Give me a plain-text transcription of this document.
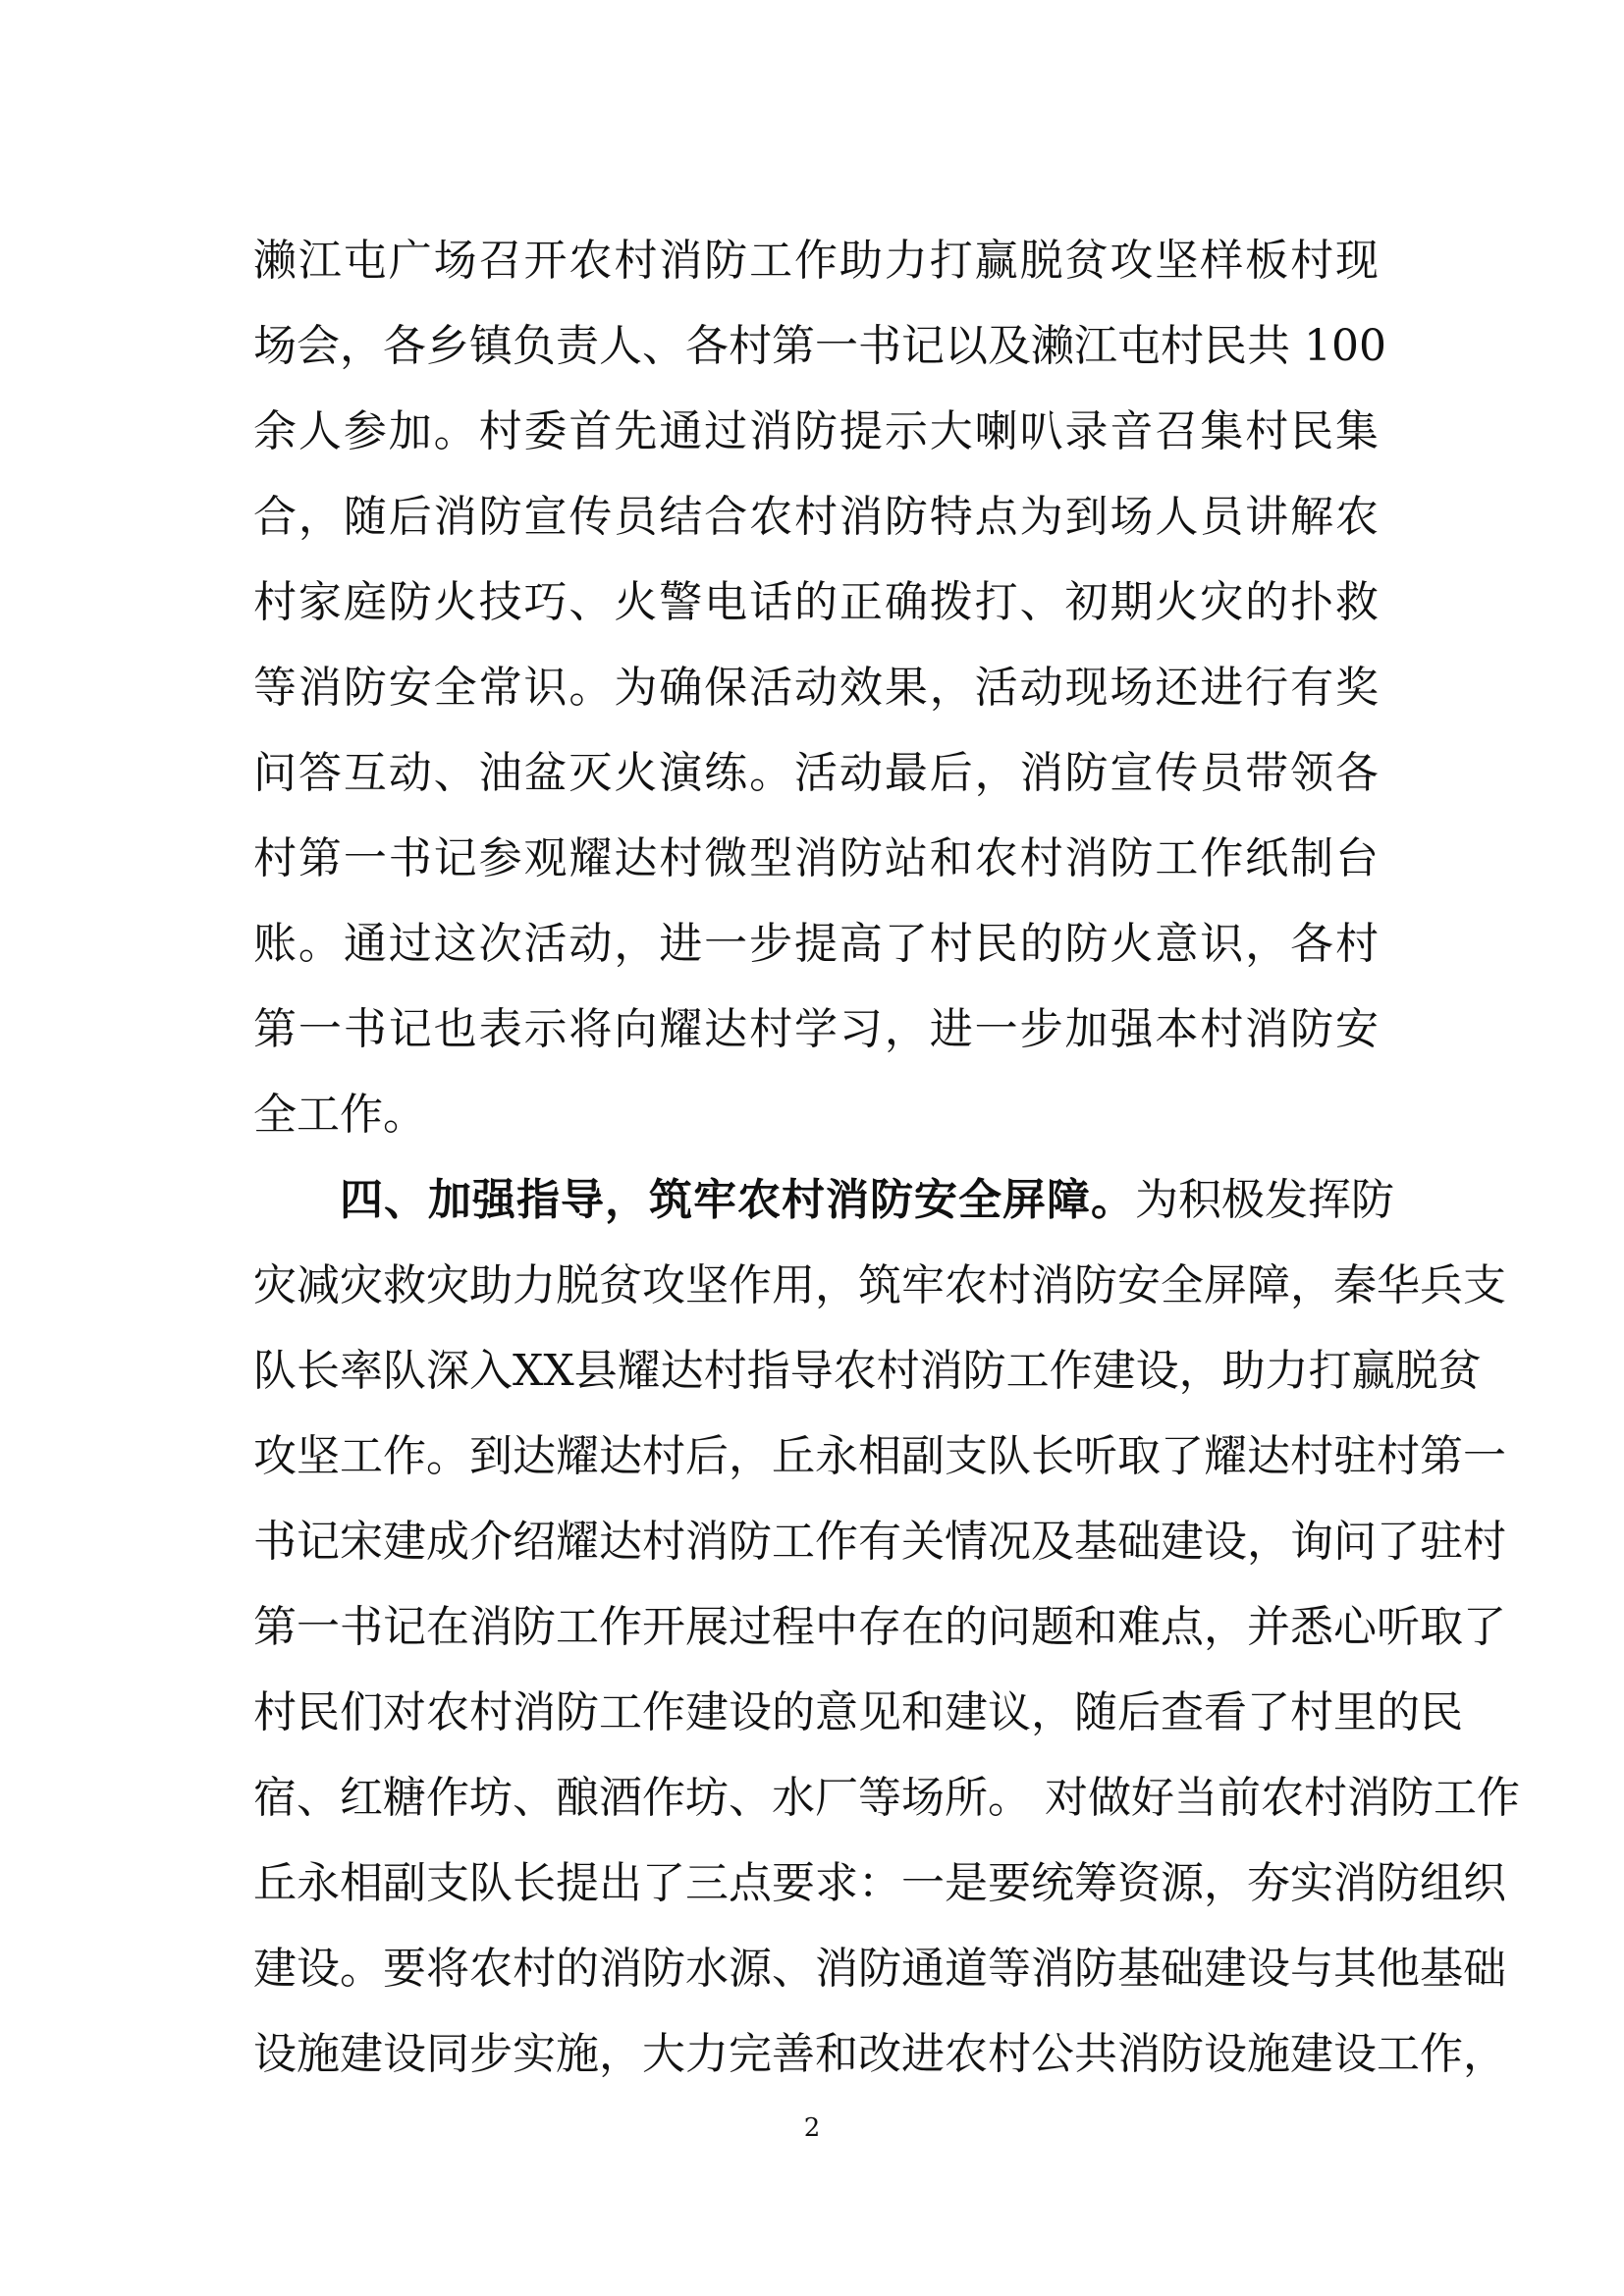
濑江屯广场召开农村消防工作助力打赢脱贫攻坚样板村现
场会，各乡镇负责人、各村第一书记以及濑江屯村民共 100
余人参加。村委首先通过消防提示大喇叭录音召集村民集
合，随后消防宣传员结合农村消防特点为到场人员讲解农
村家庭防火技巧、火警电话的正确拨打、初期火灾的扑救
等消防安全常识。为确保活动效果，活动现场还进行有奖
问答互动、油盆灭火演练。活动最后，消防宣传员带领各
村第一书记参观耀达村微型消防站和农村消防工作纸制台
账。通过这次活动，进一步提高了村民的防火意识，各村
第一书记也表示将向耀达村学习，进一步加强本村消防安
全工作。
四、加强指导，筑牢农村消防安全屏障。 为积极发挥防
灾减灾救灾助力脱贫攻坚作用，筑牢农村消防安全屏障，秦华兵支
队长率队深入XX县耀达村指导农村消防工作建设，助力打赢脱贫
攻坚工作。到达耀达村后，丘永相副支队长听取了耀达村驻村第一
书记宋建成介绍耀达村消防工作有关情况及基础建设，询问了驻村
第一书记在消防工作开展过程中存在的问题和难点，并悉心听取了
村民们对农村消防工作建设的意见和建议，随后查看了村里的民
宿、红糖作坊、酿酒作坊、水厂等场所。 对做好当前农村消防工作
丘永相副支队长提出了三点要求：一是要统筹资源，夯实消防组织
建设。要将农村的消防水源、消防通道等消防基础建设与其他基础
设施建设同步实施，大力完善和改进农村公共消防设施建设工作，
2
